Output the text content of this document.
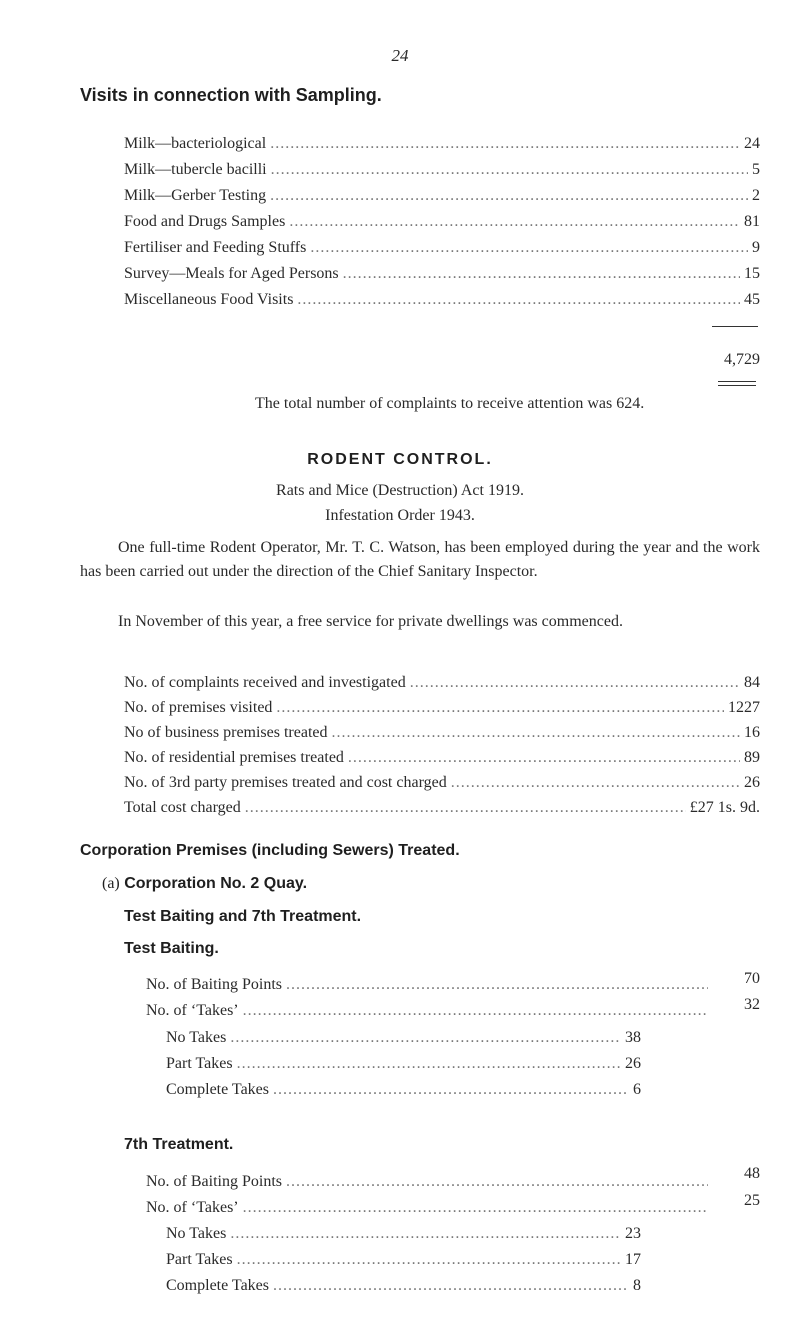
24
Visits in connection with Sampling.
Milk—bacteriological .....	24
Milk—tubercle bacilli .....	5
Milk—Gerber Testing .....	2
Food and Drugs Samples .....	81
Fertiliser and Feeding Stuffs .....	9
Survey—Meals for Aged Persons .....	15
Miscellaneous Food Visits .....	45
4,729
The total number of complaints to receive attention was 624.
RODENT CONTROL.
Rats and Mice (Destruction) Act 1919.
Infestation Order 1943.
One full-time Rodent Operator, Mr. T. C. Watson, has been employed during the year and the work has been carried out under the direction of the Chief Sanitary Inspector.
In November of this year, a free service for private dwellings was commenced.
No. of complaints received and investigated .....	84
No. of premises visited .....	1227
No of business premises treated .....	16
No. of residential premises treated .....	89
No. of 3rd party premises treated and cost charged .....	26
Total cost charged .....	£27 1s. 9d.
Corporation Premises (including Sewers) Treated.
(a) Corporation No. 2 Quay.
Test Baiting and 7th Treatment.
Test Baiting.
No. of Baiting Points .....	70
No. of ‘Takes’ .....	32
No Takes .....	38
Part Takes .....	26
Complete Takes .....	6
7th Treatment.
No. of Baiting Points .....	48
No. of ‘Takes’ .....	25
No Takes .....	23
Part Takes .....	17
Complete Takes .....	8
